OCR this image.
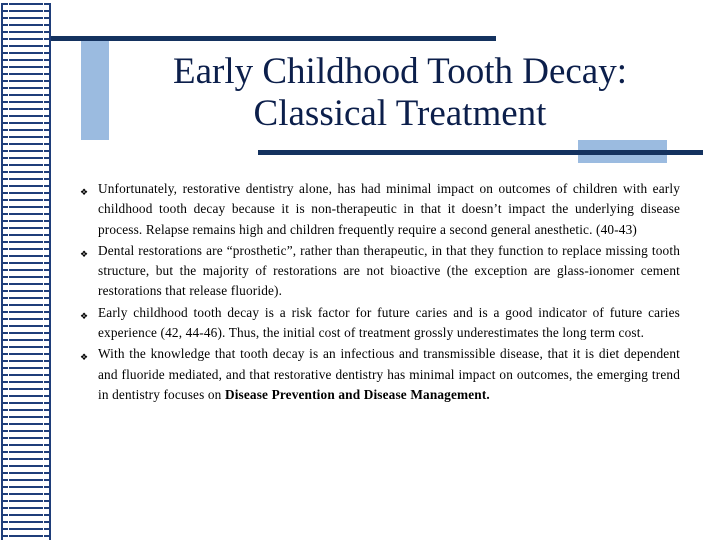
Early Childhood Tooth Decay:
Classical Treatment
❖
Unfortunately, restorative dentistry alone, has had minimal impact on outcomes of children with early childhood tooth decay because it is non-therapeutic in that it doesn’t impact the underlying disease process. Relapse remains high and children frequently require a second general anesthetic. (40-43)
❖
Dental restorations are “prosthetic”, rather than therapeutic, in that they function to replace missing tooth structure, but the majority of restorations are not bioactive (the exception are glass-ionomer cement restorations that release fluoride).
❖
Early childhood tooth decay is a risk factor for future caries and is a good indicator of future caries experience (42, 44-46). Thus, the initial cost of treatment grossly underestimates the long term cost.
❖
With the knowledge that tooth decay is an infectious and transmissible disease, that it is diet dependent and fluoride mediated, and that restorative dentistry has minimal impact on outcomes, the emerging trend in dentistry focuses on Disease Prevention and Disease Management.
